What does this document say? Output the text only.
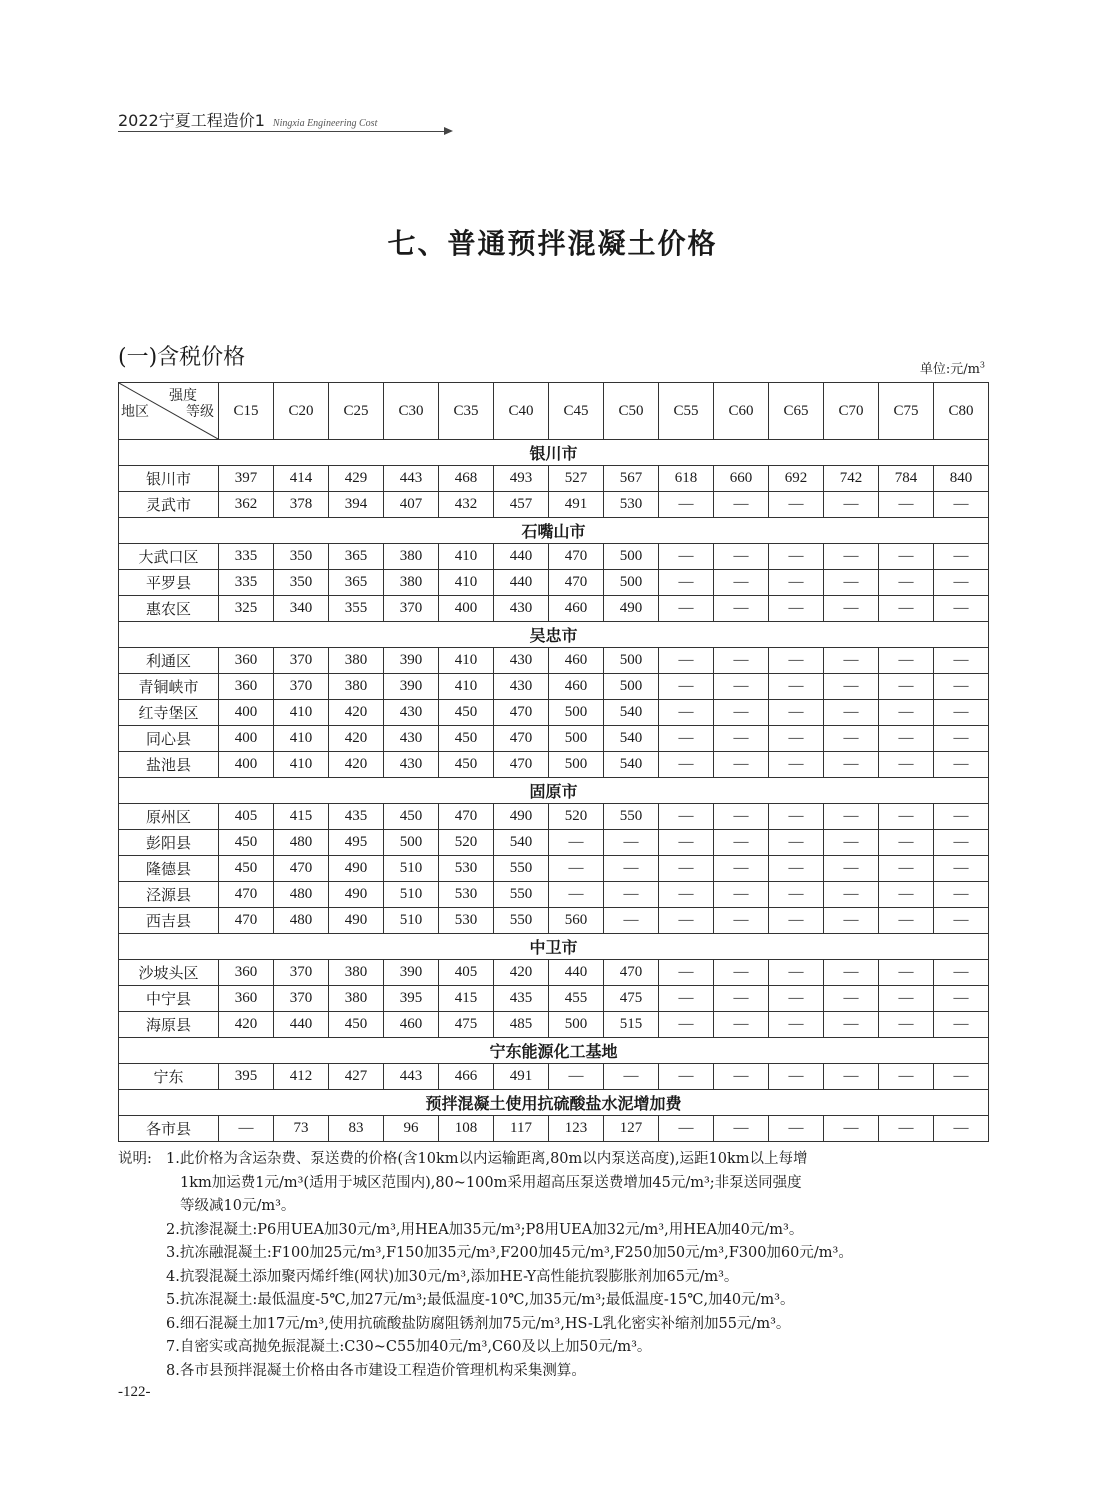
2022宁夏工程造价1 Ningxia Engineering Cost
七、普通预拌混凝土价格
(一)含税价格	单位:元$/m^3$
强度
等级
地区	C15	C20	C25	C30	C35	C40	C45	C50	C55	C60	C65	C70	C75	C80
银川市														
银川市	397	414	429	443	468	493	527	567	618	660	692	742	784	840
灵武市	362	378	394	407	432	457	491	530	—	—	—	—	—	—
石嘴山市														
大武口区	335	350	365	380	410	440	470	500	—	—	—	—	—	—
平罗县	335	350	365	380	410	440	470	500	—	—	—	—	—	—
惠农区	325	340	355	370	400	430	460	490	—	—	—	—	—	—
吴忠市														
利通区	360	370	380	390	410	430	460	500	—	—	—	—	—	—
青铜峡市	360	370	380	390	410	430	460	500	—	—	—	—	—	—
红寺堡区	400	410	420	430	450	470	500	540	—	—	—	—	—	—
同心县	400	410	420	430	450	470	500	540	—	—	—	—	—	—
盐池县	400	410	420	430	450	470	500	540	—	—	—	—	—	—
固原市														
原州区	405	415	435	450	470	490	520	550	—	—	—	—	—	—
彭阳县	450	480	495	500	520	540	—	—	—	—	—	—	—	—
隆德县	450	470	490	510	530	550	—	—	—	—	—	—	—	—
泾源县	470	480	490	510	530	550	—	—	—	—	—	—	—	—
西吉县	470	480	490	510	530	550	560	—	—	—	—	—	—	—
中卫市														
沙坡头区	360	370	380	390	405	420	440	470	—	—	—	—	—	—
中宁县	360	370	380	395	415	435	455	475	—	—	—	—	—	—
海原县	420	440	450	460	475	485	500	515	—	—	—	—	—	—
宁东能源化工基地														
宁东	395	412	427	443	466	491	—	—	—	—	—	—	—	—
预拌混凝土使用抗硫酸盐水泥增加费														
各市县	—	73	83	96	108	117	123	127	—	—	—	—	—	—
说明: 1.此价格为含运杂费、泵送费的价格(含10km以内运输距离,80m以内泵送高度),运距10km以上每增
1km加运费1元/m³(适用于城区范围内),80~100m采用超高压泵送费增加45元/m³;非泵送同强度
等级减10元/m³。
2.抗渗混凝土:P6用UEA加30元/m³,用HEA加35元/m³;P8用UEA加32元/m³,用HEA加40元/m³。
3.抗冻融混凝土:F100加25元/m³,F150加35元/m³,F200加45元/m³,F250加50元/m³,F300加60元/m³。
4.抗裂混凝土添加聚丙烯纤维(网状)加30元/m³,添加HE-Y高性能抗裂膨胀剂加65元/m³。
5.抗冻混凝土:最低温度-5℃,加27元/m³;最低温度-10℃,加35元/m³;最低温度-15℃,加40元/m³。
6.细石混凝土加17元/m³,使用抗硫酸盐防腐阻锈剂加75元/m³,HS-L乳化密实补缩剂加55元/m³。
7.自密实或高抛免振混凝土:C30~C55加40元/m³,C60及以上加50元/m³。
8.各市县预拌混凝土价格由各市建设工程造价管理机构采集测算。
-122-
